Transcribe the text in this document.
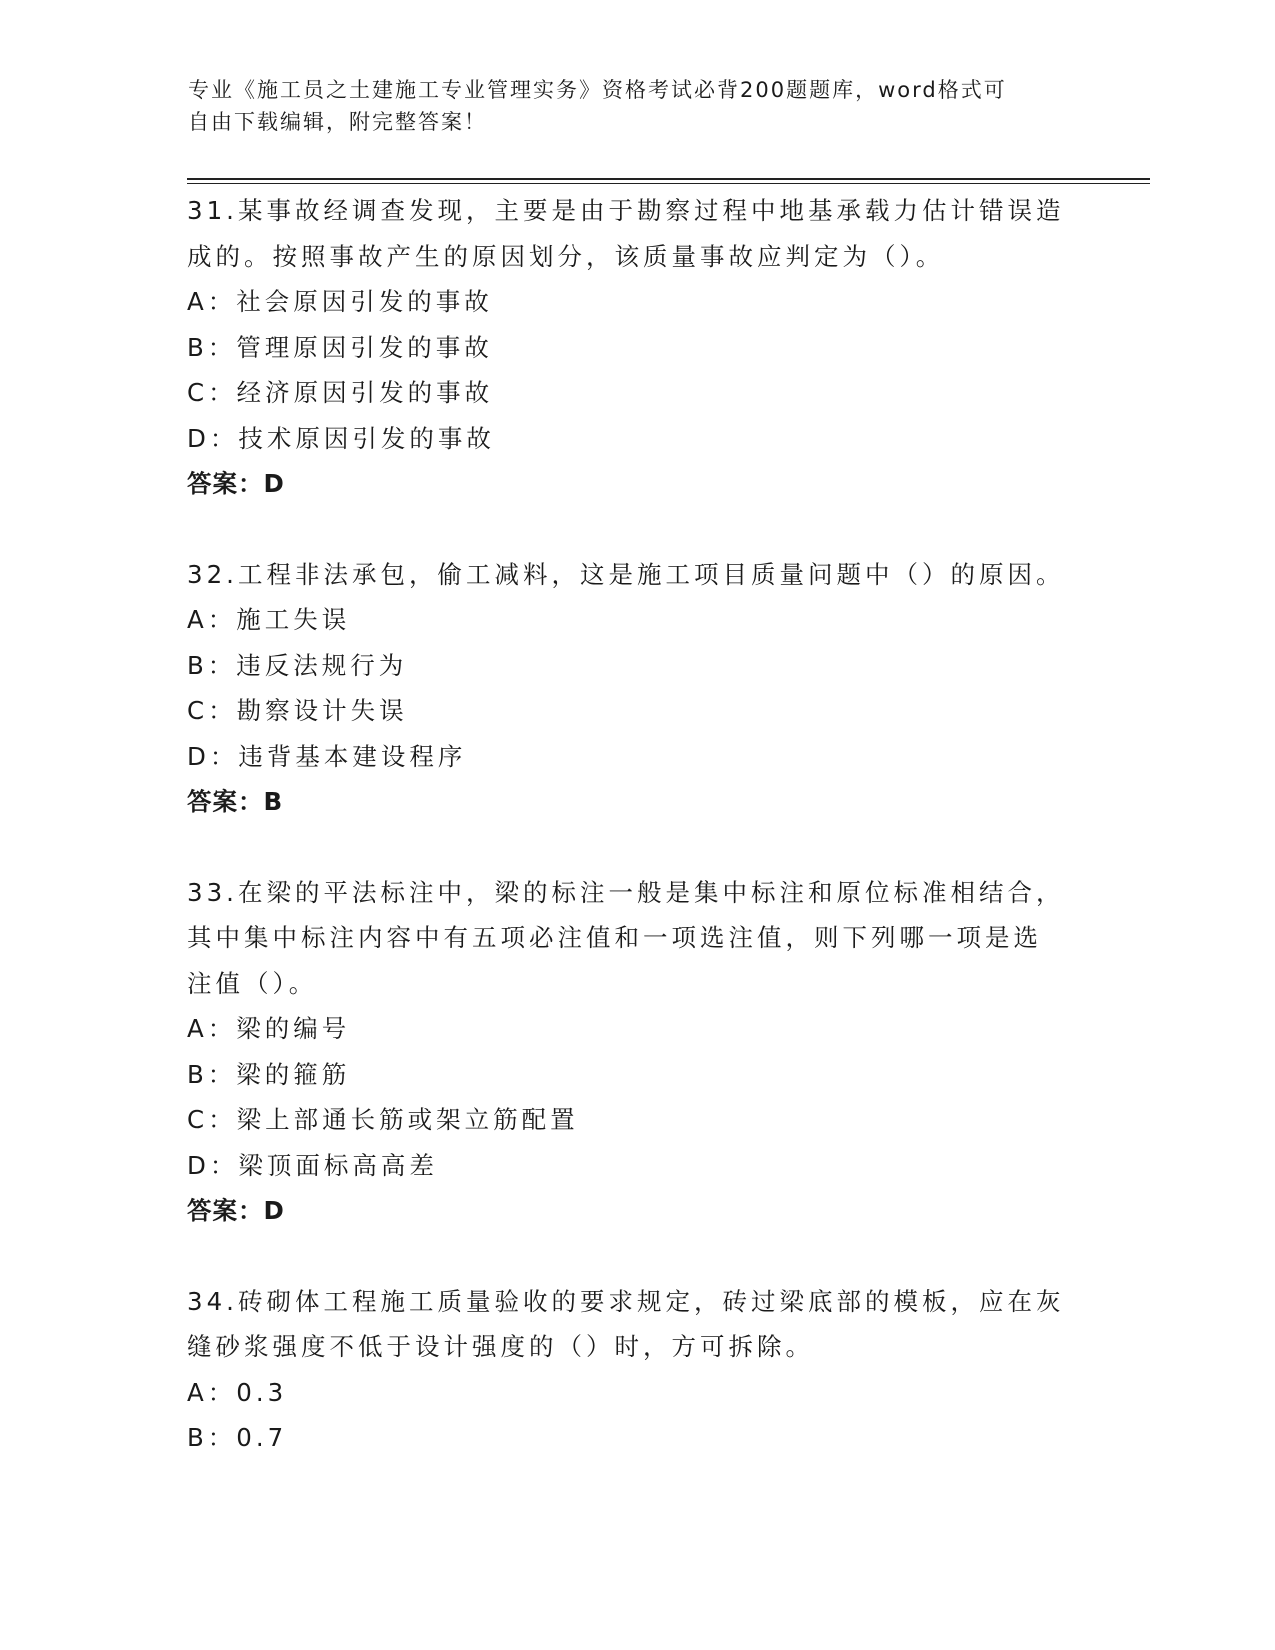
专业《施工员之土建施工专业管理实务》资格考试必背200题题库，word格式可
自由下载编辑，附完整答案！
31.某事故经调查发现，主要是由于勘察过程中地基承载力估计错误造
成的。按照事故产生的原因划分，该质量事故应判定为（）。
A：社会原因引发的事故
B：管理原因引发的事故
C：经济原因引发的事故
D：技术原因引发的事故
答案：D
32.工程非法承包，偷工减料，这是施工项目质量问题中（）的原因。
A：施工失误
B：违反法规行为
C：勘察设计失误
D：违背基本建设程序
答案：B
33.在梁的平法标注中，梁的标注一般是集中标注和原位标准相结合，
其中集中标注内容中有五项必注值和一项选注值，则下列哪一项是选
注值（）。
A：梁的编号
B：梁的箍筋
C：梁上部通长筋或架立筋配置
D：梁顶面标高高差
答案：D
34.砖砌体工程施工质量验收的要求规定，砖过梁底部的模板，应在灰
缝砂浆强度不低于设计强度的（）时，方可拆除。
A：0.3
B：0.7
